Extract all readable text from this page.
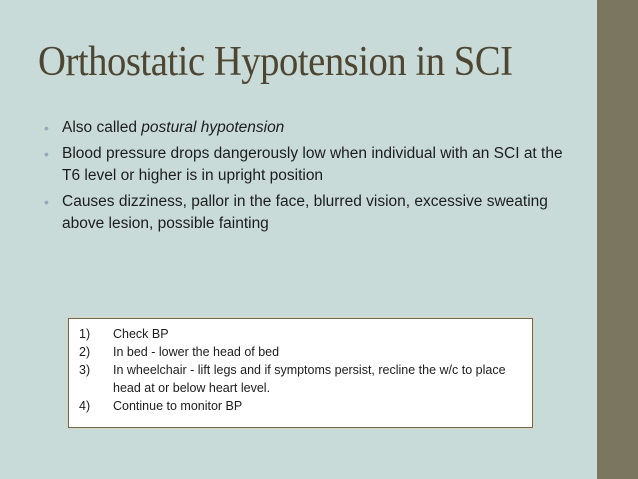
Orthostatic Hypotension in SCI
• Also called postural hypotension
• Blood pressure drops dangerously low when individual with an SCI at the T6 level or higher is in upright position
• Causes dizziness, pallor in the face, blurred vision, excessive sweating above lesion, possible fainting
1)	Check BP
2)	In bed - lower the head of bed
3)	In wheelchair - lift legs and if symptoms persist, recline the w/c to place head at or below heart level.
4)	Continue to monitor BP
